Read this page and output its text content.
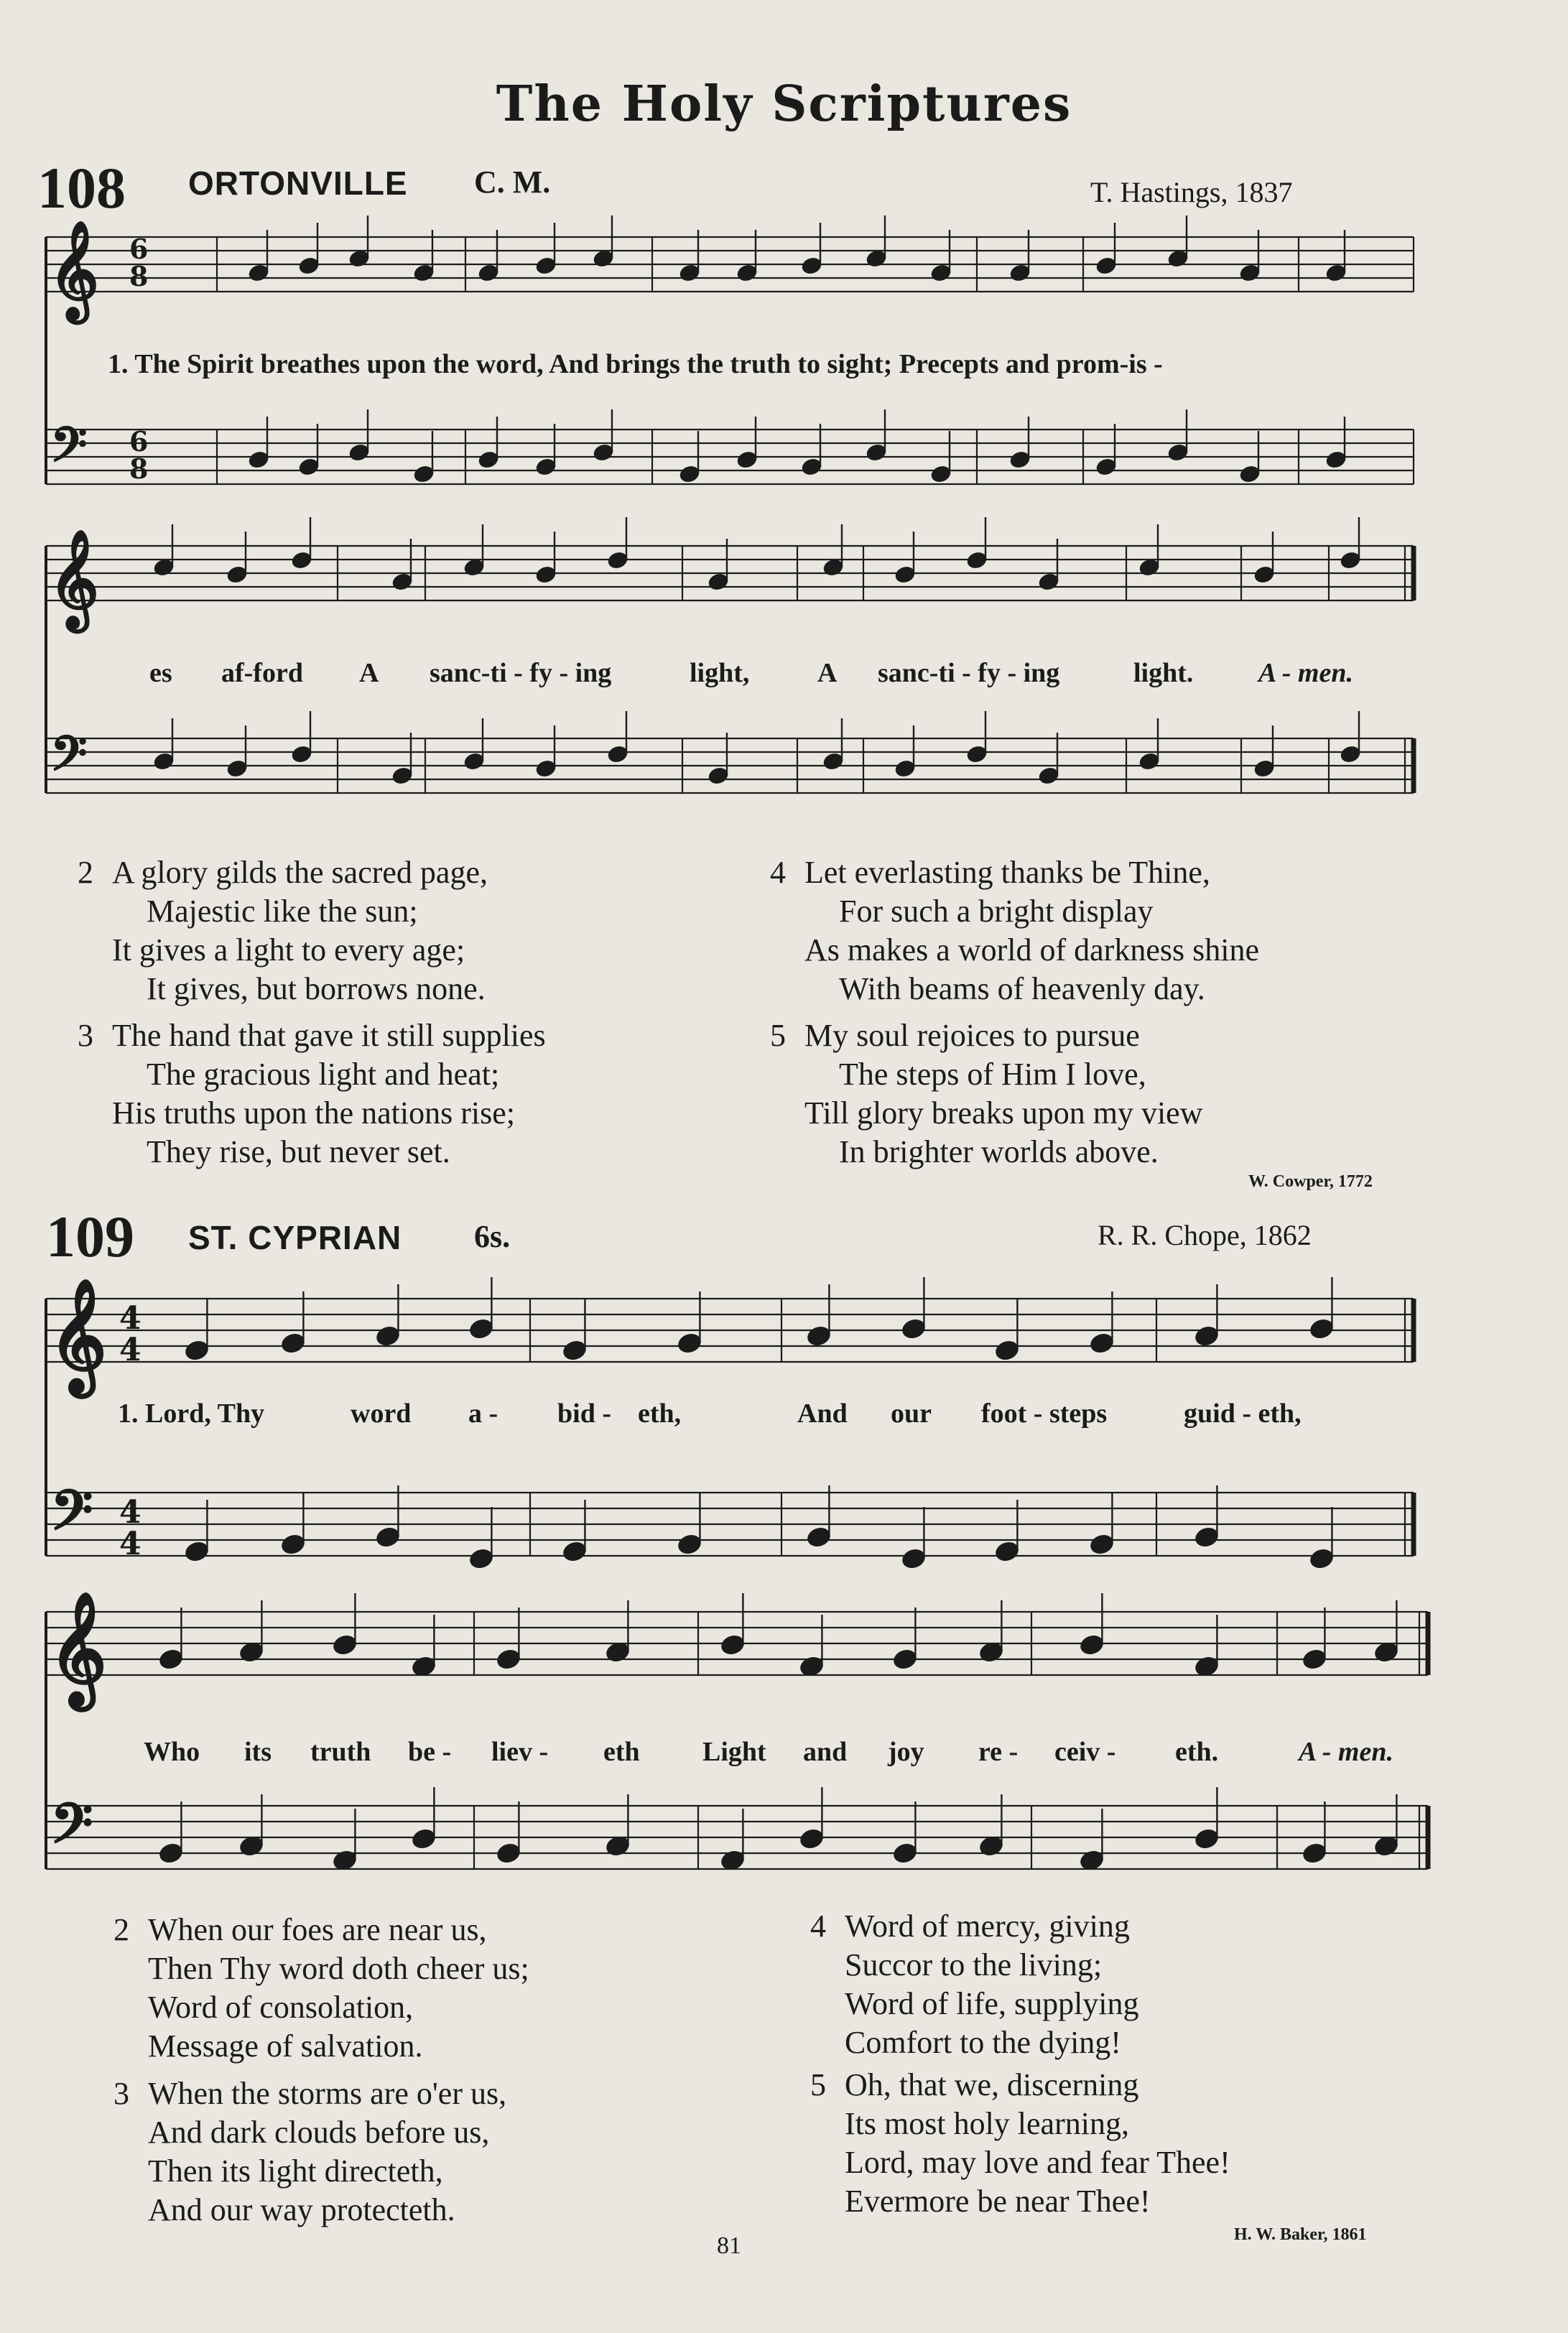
The Holy Scriptures
108 ORTONVILLE C. M.	T. Hastings, 1837
𝄞
𝄢
6
8
6
8
𝄞
𝄢
𝄞
𝄢
4
4
4
4
𝄞
𝄢
1. The Spirit breathes upon the word, And brings the truth to sight; Precepts and prom-is -
es af-ford A sanc-ti - fy - ing	light, A sanc-ti - fy - ing	light. A - men.
2 A glory gilds the sacred page,
Majestic like the sun;
It gives a light to every age;
It gives, but borrows none.
3 The hand that gave it still supplies
The gracious light and heat;
His truths upon the nations rise;
They rise, but never set.
4 Let everlasting thanks be Thine,
For such a bright display
As makes a world of darkness shine
With beams of heavenly day.
5 My soul rejoices to pursue
The steps of Him I love,
Till glory breaks upon my view
In brighter worlds above.
W. Cowper, 1772
109 ST. CYPRIAN 6s.	R. R. Chope, 1862
1. Lord, Thy	word a - bid - eth,	And our foot - steps	guid - eth,
Who its truth be - liev - eth Light and joy re - ceiv - eth.	A - men.
2 When our foes are near us,
Then Thy word doth cheer us;
Word of consolation,
Message of salvation.
3 When the storms are o'er us,
And dark clouds before us,
Then its light directeth,
And our way protecteth.
4 Word of mercy, giving
Succor to the living;
Word of life, supplying
Comfort to the dying!
5 Oh, that we, discerning
Its most holy learning,
Lord, may love and fear Thee!
Evermore be near Thee!
H. W. Baker, 1861
81
